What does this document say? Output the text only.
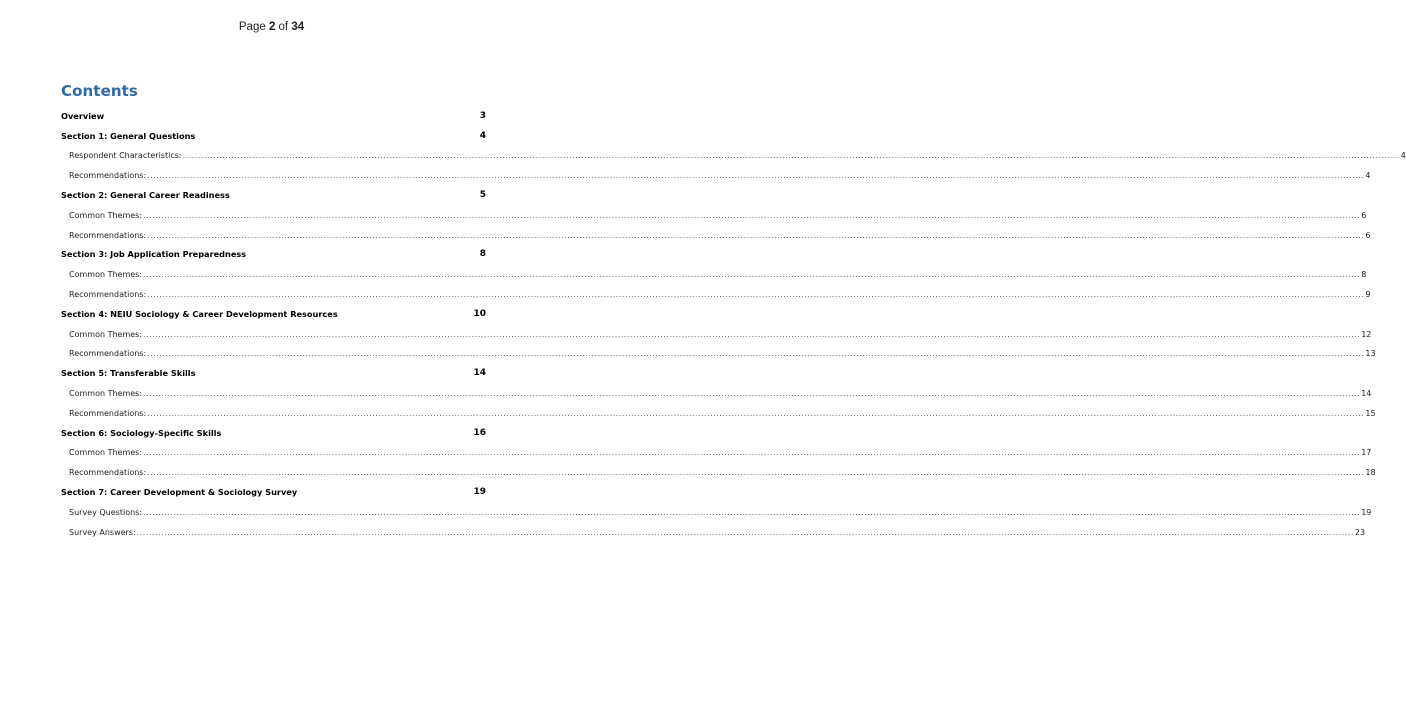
Page 2 of 34
Contents
Overview	3
Section 1: General Questions	4
Respondent Characteristics: ................................................................................................................................................................................................................................................................................................................................................................................................................ 4
Recommendations: ................................................................................................................................................................................................................................................................................................................................................................................................................ 4
Section 2: General Career Readiness	5
Common Themes: ................................................................................................................................................................................................................................................................................................................................................................................................................ 6
Recommendations: ................................................................................................................................................................................................................................................................................................................................................................................................................ 6
Section 3: Job Application Preparedness	8
Common Themes: ................................................................................................................................................................................................................................................................................................................................................................................................................ 8
Recommendations: ................................................................................................................................................................................................................................................................................................................................................................................................................ 9
Section 4: NEIU Sociology & Career Development Resources	10
Common Themes: ................................................................................................................................................................................................................................................................................................................................................................................................................ 12
Recommendations: ................................................................................................................................................................................................................................................................................................................................................................................................................ 13
Section 5: Transferable Skills	14
Common Themes: ................................................................................................................................................................................................................................................................................................................................................................................................................ 14
Recommendations: ................................................................................................................................................................................................................................................................................................................................................................................................................ 15
Section 6: Sociology-Specific Skills	16
Common Themes: ................................................................................................................................................................................................................................................................................................................................................................................................................ 17
Recommendations: ................................................................................................................................................................................................................................................................................................................................................................................................................ 18
Section 7: Career Development & Sociology Survey	19
Survey Questions: ................................................................................................................................................................................................................................................................................................................................................................................................................ 19
Survey Answers: ................................................................................................................................................................................................................................................................................................................................................................................................................ 23
